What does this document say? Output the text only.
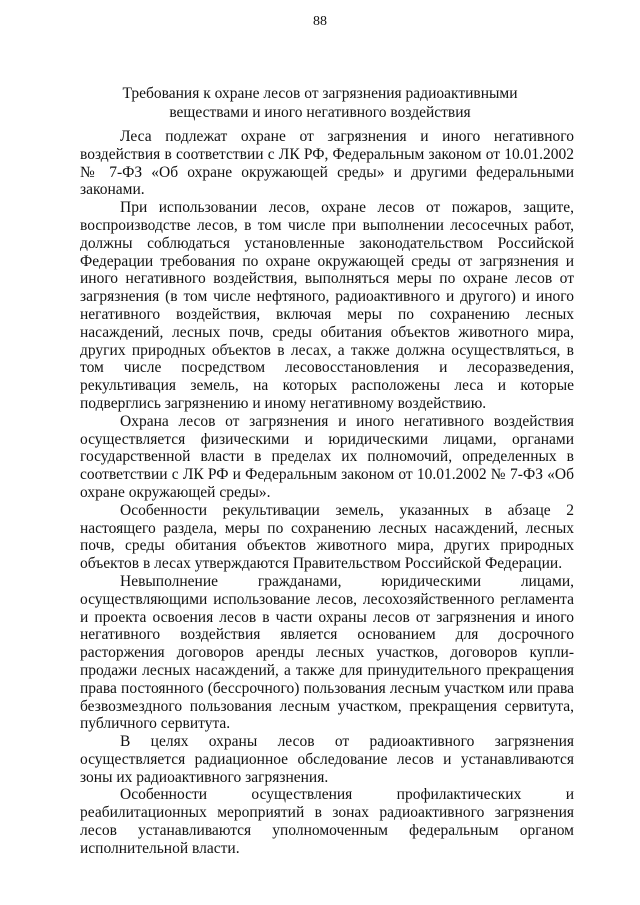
88
Требования к охране лесов от загрязнения радиоактивными
веществами и иного негативного воздействия

Леса подлежат охране от загрязнения и иного негативного воздействия в соответствии с ЛК РФ, Федеральным законом от 10.01.2002 № 7-ФЗ «Об охране окружающей среды» и другими федеральными законами.

При использовании лесов, охране лесов от пожаров, защите, воспроизводстве лесов, в том числе при выполнении лесосечных работ, должны соблюдаться установленные законодательством Российской Федерации требования по охране окружающей среды от загрязнения и иного негативного воздействия, выполняться меры по охране лесов от загрязнения (в том числе нефтяного, радиоактивного и другого) и иного негативного воздействия, включая меры по сохранению лесных насаждений, лесных почв, среды обитания объектов животного мира, других природных объектов в лесах, а также должна осуществляться, в том числе посредством лесовосстановления и лесоразведения, рекультивация земель, на которых расположены леса и которые подверглись загрязнению и иному негативному воздействию.

Охрана лесов от загрязнения и иного негативного воздействия осуществляется физическими и юридическими лицами, органами государственной власти в пределах их полномочий, определенных в соответствии с ЛК РФ и Федеральным законом от 10.01.2002 № 7-ФЗ «Об охране окружающей среды».

Особенности рекультивации земель, указанных в абзаце 2 настоящего раздела, меры по сохранению лесных насаждений, лесных почв, среды обитания объектов животного мира, других природных объектов в лесах утверждаются Правительством Российской Федерации.

Невыполнение гражданами, юридическими лицами, осуществляющими использование лесов, лесохозяйственного регламента и проекта освоения лесов в части охраны лесов от загрязнения и иного негативного воздействия является основанием для досрочного расторжения договоров аренды лесных участков, договоров купли-продажи лесных насаждений, а также для принудительного прекращения права постоянного (бессрочного) пользования лесным участком или права безвозмездного пользования лесным участком, прекращения сервитута, публичного сервитута.

В целях охраны лесов от радиоактивного загрязнения осуществляется радиационное обследование лесов и устанавливаются зоны их радиоактивного загрязнения.

Особенности осуществления профилактических и реабилитационных мероприятий в зонах радиоактивного загрязнения лесов устанавливаются уполномоченным федеральным органом исполнительной власти.
